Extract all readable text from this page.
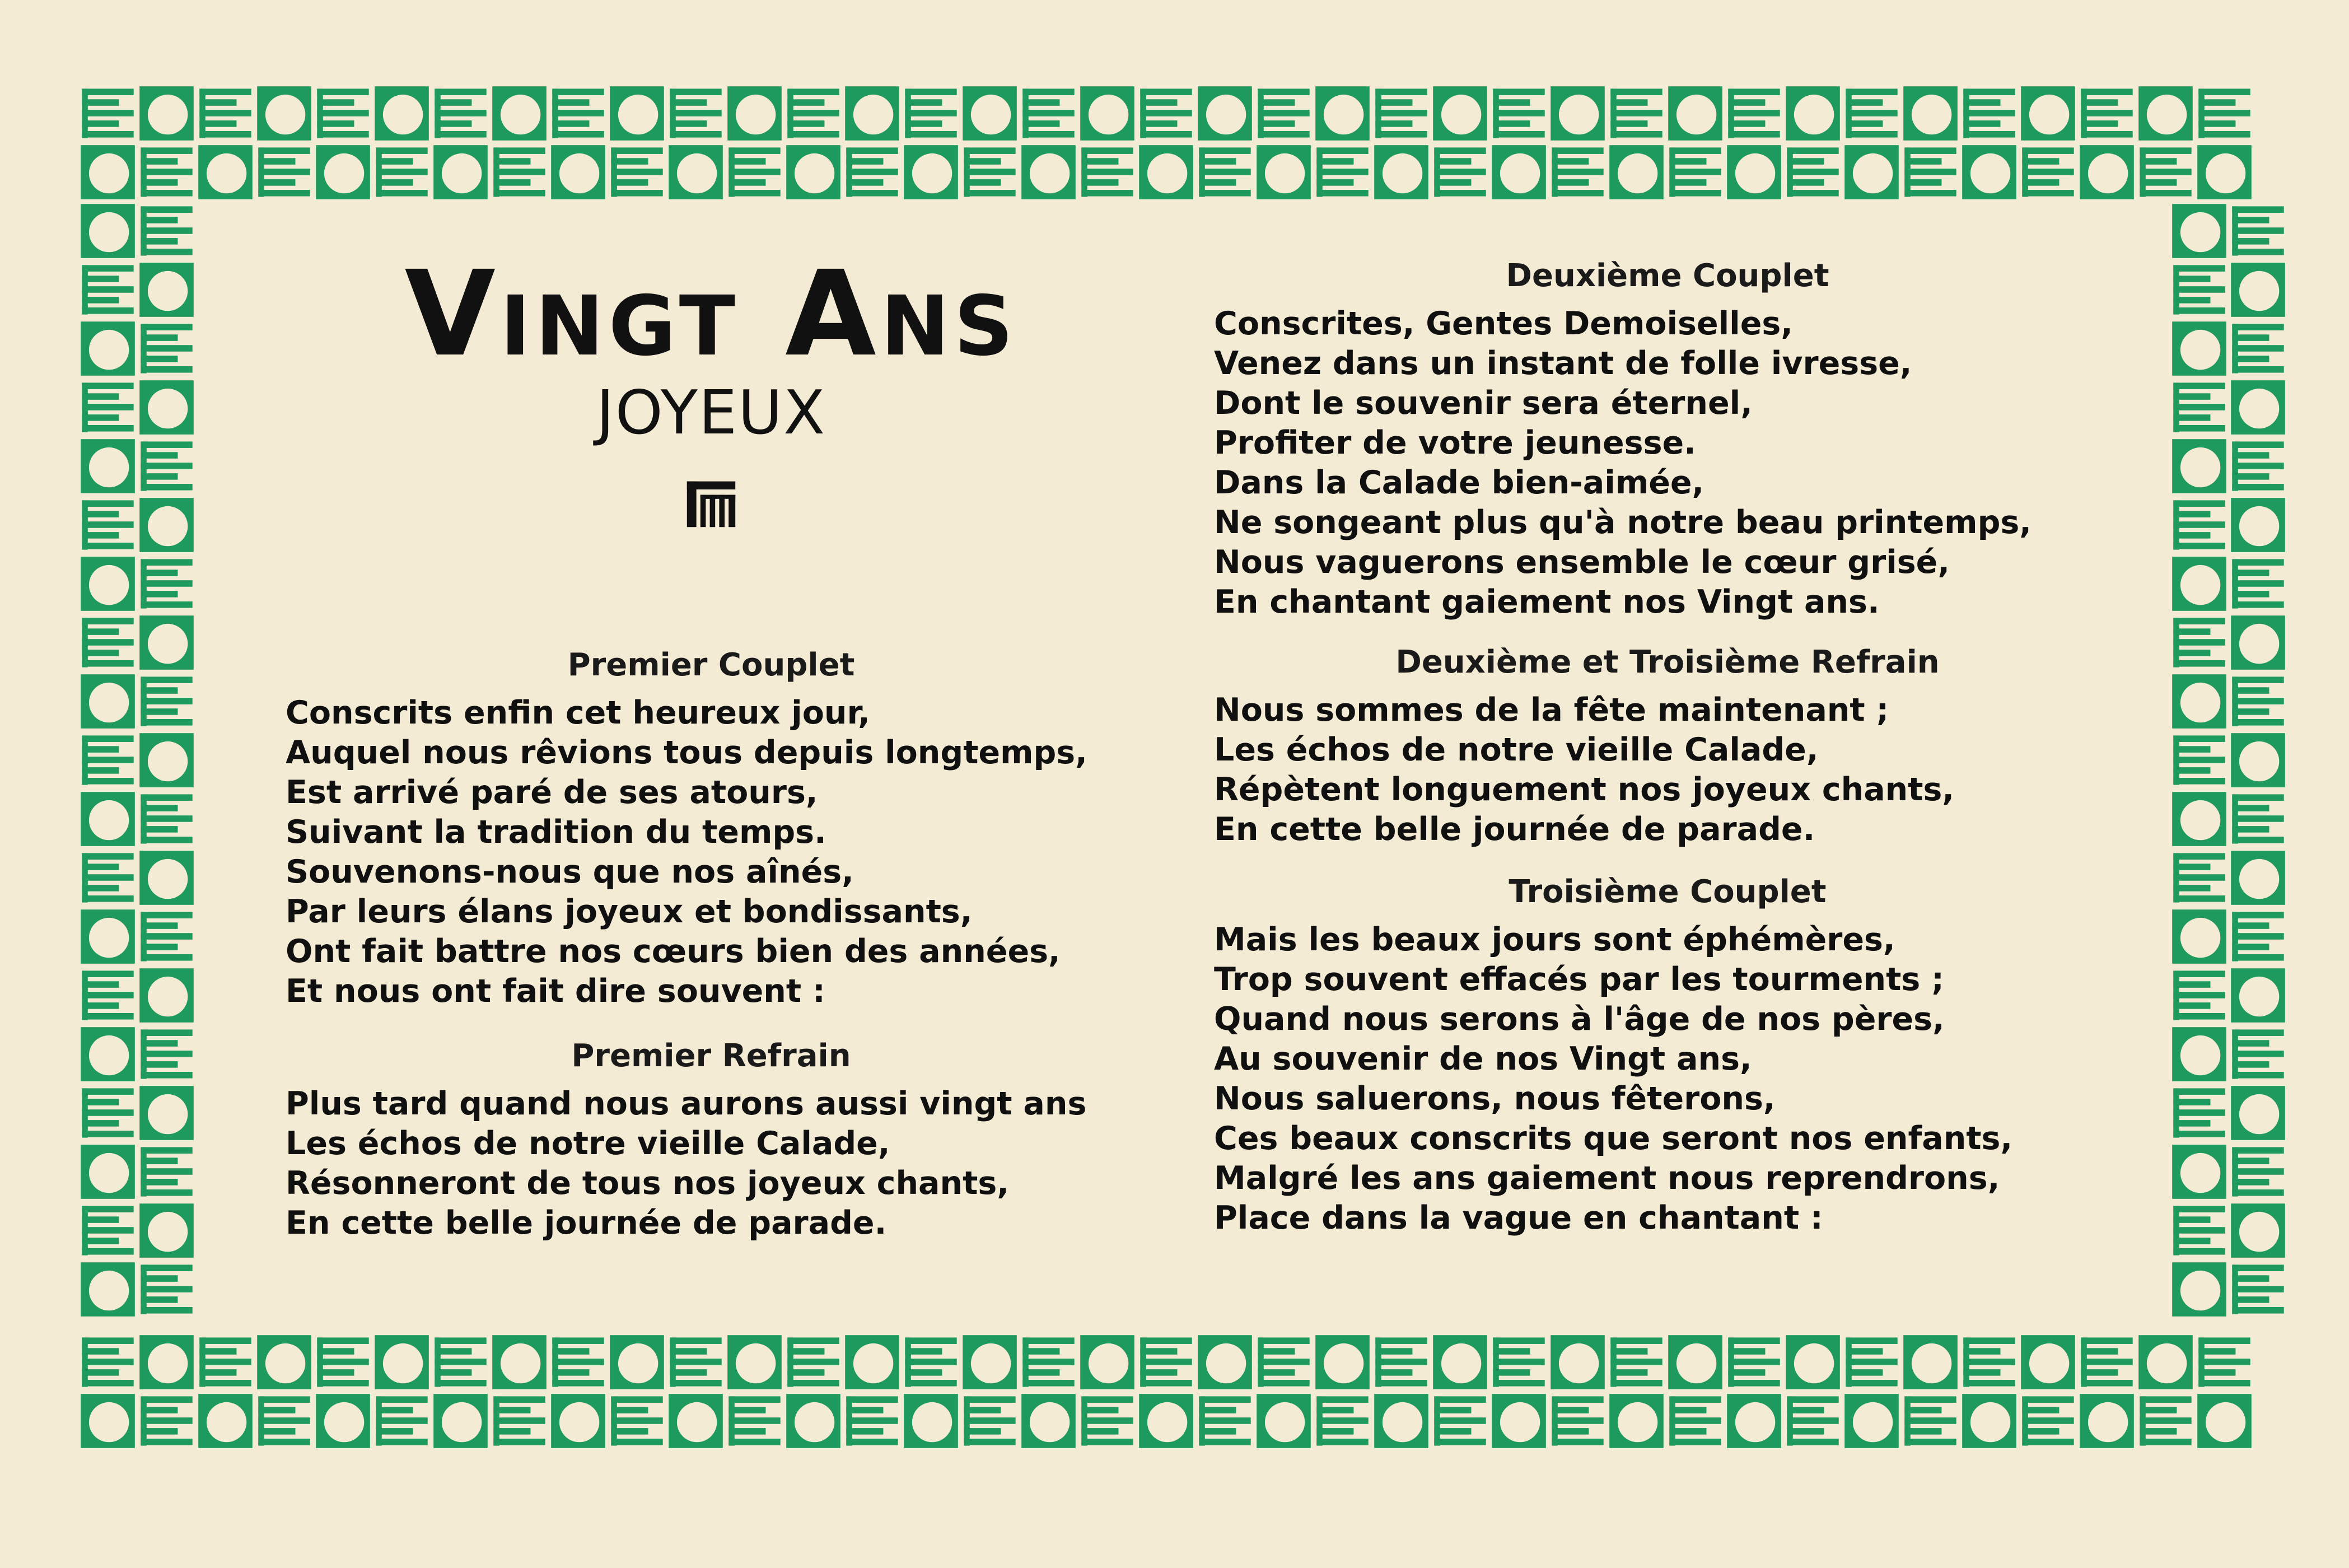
Vingt Ans
JOYEUX
Premier Couplet
Conscrits enfin cet heureux jour,
Auquel nous rêvions tous depuis longtemps,
Est arrivé paré de ses atours,
Suivant la tradition du temps.
Souvenons-nous que nos aînés,
Par leurs élans joyeux et bondissants,
Ont fait battre nos cœurs bien des années,
Et nous ont fait dire souvent :
Premier Refrain
Plus tard quand nous aurons aussi vingt ans
Les échos de notre vieille Calade,
Résonneront de tous nos joyeux chants,
En cette belle journée de parade.
Deuxième Couplet
Conscrites, Gentes Demoiselles,
Venez dans un instant de folle ivresse,
Dont le souvenir sera éternel,
Profiter de votre jeunesse.
Dans la Calade bien-aimée,
Ne songeant plus qu'à notre beau printemps,
Nous vaguerons ensemble le cœur grisé,
En chantant gaiement nos Vingt ans.
Deuxième et Troisième Refrain
Nous sommes de la fête maintenant ;
Les échos de notre vieille Calade,
Répètent longuement nos joyeux chants,
En cette belle journée de parade.
Troisième Couplet
Mais les beaux jours sont éphémères,
Trop souvent effacés par les tourments ;
Quand nous serons à l'âge de nos pères,
Au souvenir de nos Vingt ans,
Nous saluerons, nous fêterons,
Ces beaux conscrits que seront nos enfants,
Malgré les ans gaiement nous reprendrons,
Place dans la vague en chantant :
